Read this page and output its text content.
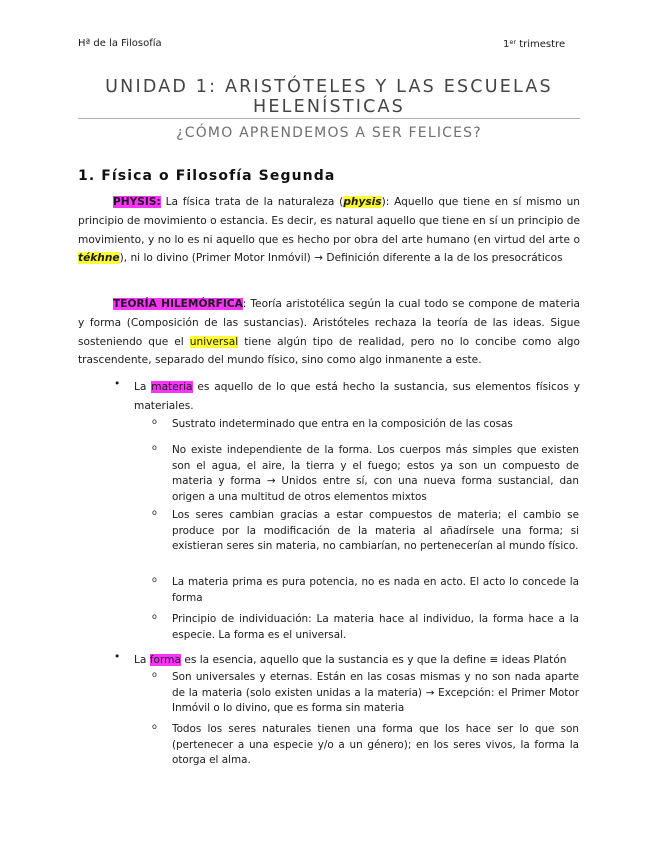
Hª de la Filosofía	1er trimestre
UNIDAD 1: ARISTÓTELES Y LAS ESCUELAS HELENÍSTICAS
¿CÓMO APRENDEMOS A SER FELICES?
1. Física o Filosofía Segunda

PHYSIS: La física trata de la naturaleza (physis): Aquello que tiene en sí mismo un principio de movimiento o estancia. Es decir, es natural aquello que tiene en sí un principio de movimiento, y no lo es ni aquello que es hecho por obra del arte humano (en virtud del arte o tékhne), ni lo divino (Primer Motor Inmóvil) → Definición diferente a la de los presocráticos

TEORÍA HILEMÓRFICA: Teoría aristotélica según la cual todo se compone de materia y forma (Composición de las sustancias). Aristóteles rechaza la teoría de las ideas. Sigue sosteniendo que el universal tiene algún tipo de realidad, pero no lo concibe como algo trascendente, separado del mundo físico, sino como algo inmanente a este.

•	La materia es aquello de lo que está hecho la sustancia, sus elementos físicos y materiales.
o Sustrato indeterminado que entra en la composición de las cosas
o No existe independiente de la forma. Los cuerpos más simples que existen son el agua, el aire, la tierra y el fuego; estos ya son un compuesto de materia y forma → Unidos entre sí, con una nueva forma sustancial, dan origen a una multitud de otros elementos mixtos
o Los seres cambian gracias a estar compuestos de materia; el cambio se produce por la modificación de la materia al añadírsele una forma; si existieran seres sin materia, no cambiarían, no pertenecerían al mundo físico.
o La materia prima es pura potencia, no es nada en acto. El acto lo concede la forma
o Principio de individuación: La materia hace al individuo, la forma hace a la especie. La forma es el universal.
•	La forma es la esencia, aquello que la sustancia es y que la define ≡ ideas Platón
o Son universales y eternas. Están en las cosas mismas y no son nada aparte de la materia (solo existen unidas a la materia) → Excepción: el Primer Motor Inmóvil o lo divino, que es forma sin materia
o Todos los seres naturales tienen una forma que los hace ser lo que son (pertenecer a una especie y/o a un género); en los seres vivos, la forma la otorga el alma.
